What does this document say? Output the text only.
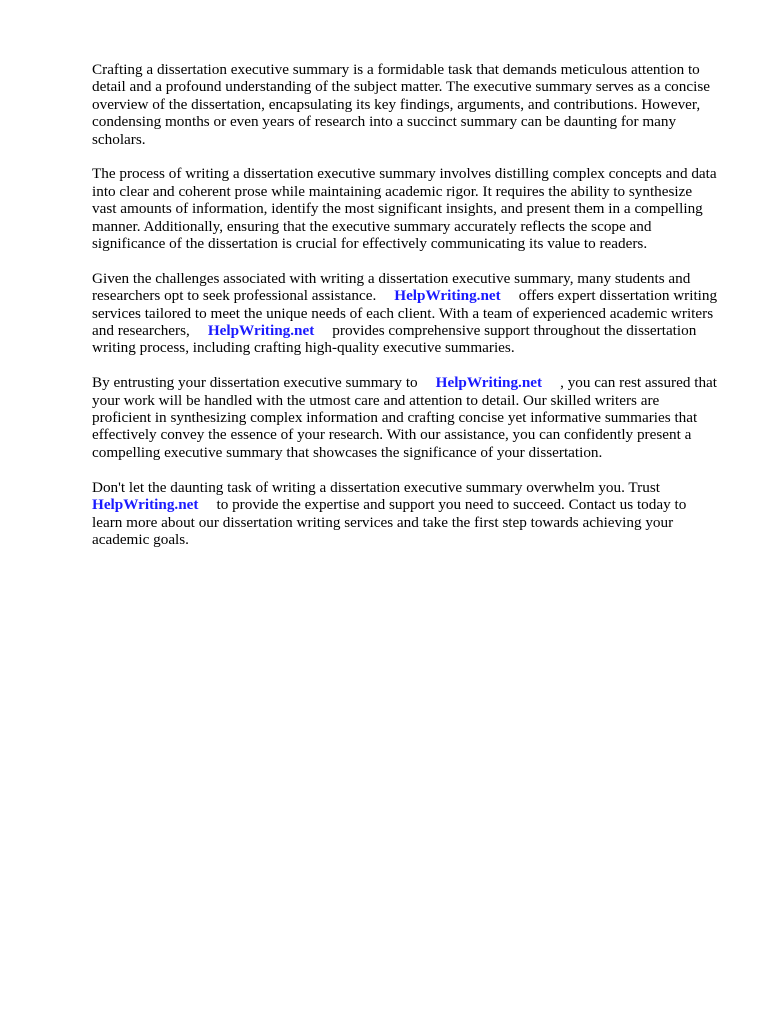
Crafting a dissertation executive summary is a formidable task that demands meticulous attention to detail and a profound understanding of the subject matter. The executive summary serves as a concise overview of the dissertation, encapsulating its key findings, arguments, and contributions. However, condensing months or even years of research into a succinct summary can be daunting for many scholars.

The process of writing a dissertation executive summary involves distilling complex concepts and data into clear and coherent prose while maintaining academic rigor. It requires the ability to synthesize vast amounts of information, identify the most significant insights, and present them in a compelling manner. Additionally, ensuring that the executive summary accurately reflects the scope and significance of the dissertation is crucial for effectively communicating its value to readers.

Given the challenges associated with writing a dissertation executive summary, many students and researchers opt to seek professional assistance. HelpWriting.net offers expert dissertation writing services tailored to meet the unique needs of each client. With a team of experienced academic writers and researchers, HelpWriting.net provides comprehensive support throughout the dissertation writing process, including crafting high-quality executive summaries.

By entrusting your dissertation executive summary to HelpWriting.net , you can rest assured that your work will be handled with the utmost care and attention to detail. Our skilled writers are proficient in synthesizing complex information and crafting concise yet informative summaries that effectively convey the essence of your research. With our assistance, you can confidently present a compelling executive summary that showcases the significance of your dissertation.

Don't let the daunting task of writing a dissertation executive summary overwhelm you. Trust HelpWriting.net to provide the expertise and support you need to succeed. Contact us today to learn more about our dissertation writing services and take the first step towards achieving your academic goals.
